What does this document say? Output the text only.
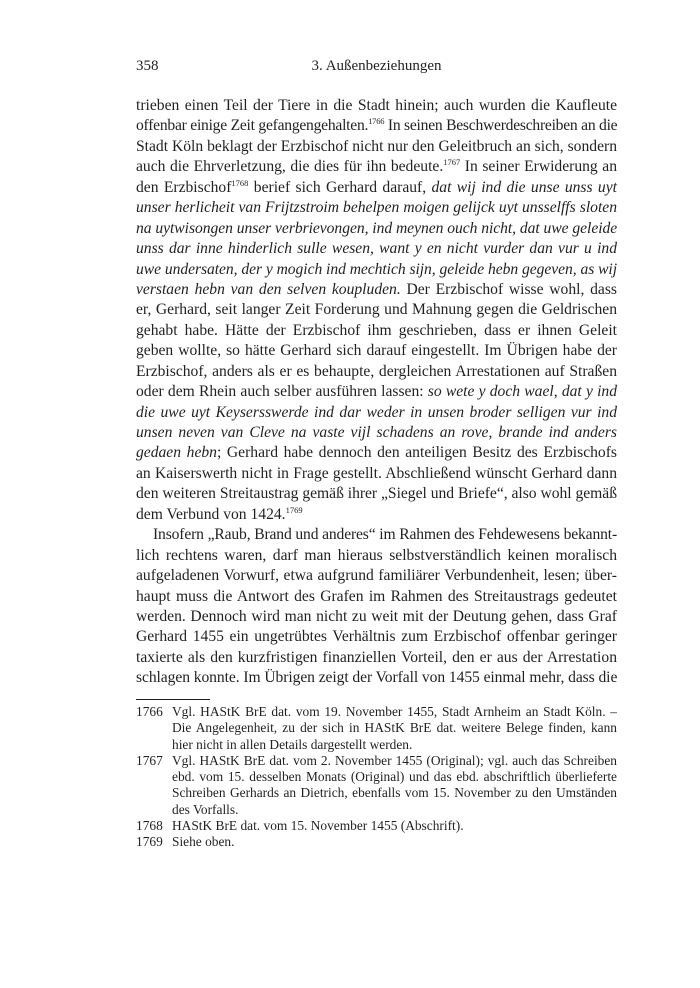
358	3. Außenbeziehungen
trieben einen Teil der Tiere in die Stadt hinein; auch wurden die Kaufleute
offenbar einige Zeit gefangengehalten.$^{1766}$ In seinen Beschwerdeschreiben an die
Stadt Köln beklagt der Erzbischof nicht nur den Geleitbruch an sich, sondern
auch die Ehrverletzung, die dies für ihn bedeute.$^{1767}$ In seiner Erwiderung an
den Erzbischof$^{1768}$ berief sich Gerhard darauf, dat wij ind die unse unss uyt
unser herlicheit van Frijtzstroim behelpen moigen gelijck uyt unsselffs sloten
na uytwisongen unser verbrievongen, ind meynen ouch nicht, dat uwe geleide
unss dar inne hinderlich sulle wesen, want y en nicht vurder dan vur u ind
uwe undersaten, der y mogich ind mechtich sijn, geleide hebn gegeven, as wij
verstaen hebn van den selven koupluden. Der Erzbischof wisse wohl, dass
er, Gerhard, seit langer Zeit Forderung und Mahnung gegen die Geldrischen
gehabt habe. Hätte der Erzbischof ihm geschrieben, dass er ihnen Geleit
geben wollte, so hätte Gerhard sich darauf eingestellt. Im Übrigen habe der
Erzbischof, anders als er es behaupte, dergleichen Arrestationen auf Straßen
oder dem Rhein auch selber ausführen lassen: so wete y doch wael, dat y ind
die uwe uyt Keysersswerde ind dar weder in unsen broder selligen vur ind
unsen neven van Cleve na vaste vijl schadens an rove, brande ind anders
gedaen hebn; Gerhard habe dennoch den anteiligen Besitz des Erzbischofs
an Kaiserswerth nicht in Frage gestellt. Abschließend wünscht Gerhard dann
den weiteren Streitaustrag gemäß ihrer „Siegel und Briefe“, also wohl gemäß
dem Verbund von 1424.$^{1769}$
Insofern „Raub, Brand und anderes“ im Rahmen des Fehdewesens bekannt-
lich rechtens waren, darf man hieraus selbstverständlich keinen moralisch
aufgeladenen Vorwurf, etwa aufgrund familiärer Verbundenheit, lesen; über-
haupt muss die Antwort des Grafen im Rahmen des Streitaustrags gedeutet
werden. Dennoch wird man nicht zu weit mit der Deutung gehen, dass Graf
Gerhard 1455 ein ungetrübtes Verhältnis zum Erzbischof offenbar geringer
taxierte als den kurzfristigen finanziellen Vorteil, den er aus der Arrestation
schlagen konnte. Im Übrigen zeigt der Vorfall von 1455 einmal mehr, dass die
1766 Vgl. HAStK BrE dat. vom 19. November 1455, Stadt Arnheim an Stadt Köln. –
Die Angelegenheit, zu der sich in HAStK BrE dat. weitere Belege finden, kann
hier nicht in allen Details dargestellt werden.
1767 Vgl. HAStK BrE dat. vom 2. November 1455 (Original); vgl. auch das Schreiben
ebd. vom 15. desselben Monats (Original) und das ebd. abschriftlich überlieferte
Schreiben Gerhards an Dietrich, ebenfalls vom 15. November zu den Umständen
des Vorfalls.
1768 HAStK BrE dat. vom 15. November 1455 (Abschrift).
1769 Siehe oben.
